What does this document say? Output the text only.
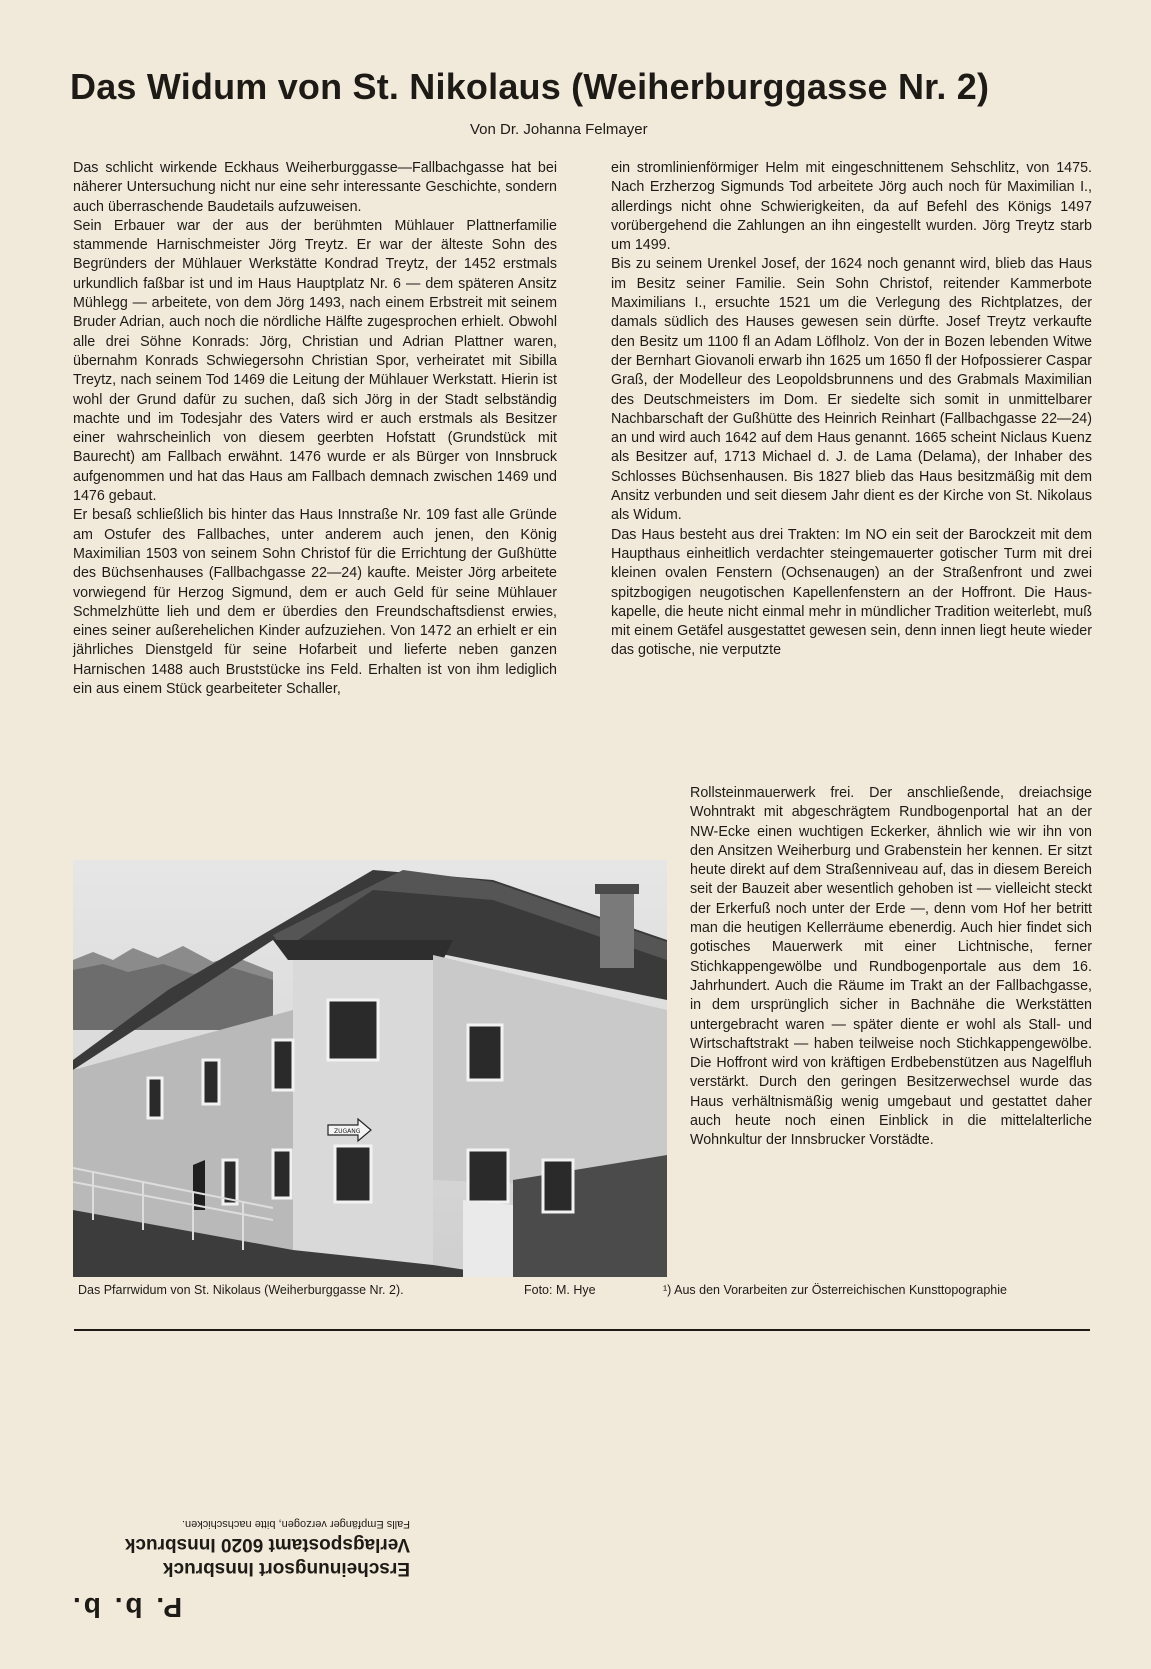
Das Widum von St. Nikolaus (Weiherburggasse Nr. 2)
Von Dr. Johanna Felmayer

Das schlicht wirkende Eckhaus Weiherburggasse—Fallbachgasse hat bei näherer Untersuchung nicht nur eine sehr interessante Geschichte, sondern auch überraschende Baudetails aufzuweisen.

Sein Erbauer war der aus der berühmten Mühlauer Plattnerfamilie stammende Harnischmeister Jörg Treytz. Er war der älteste Sohn des Begründers der Mühlauer Werkstätte Kondrad Treytz, der 1452 erstmals urkundlich faßbar ist und im Haus Hauptplatz Nr. 6 — dem späteren Ansitz Mühlegg — arbeitete, von dem Jörg 1493, nach einem Erbstreit mit seinem Bruder Adrian, auch noch die nördliche Hälfte zugesprochen erhielt. Obwohl alle drei Söhne Konrads: Jörg, Christian und Adrian Plattner waren, übernahm Konrads Schwiegersohn Christian Spor, verheiratet mit Sibilla Treytz, nach seinem Tod 1469 die Leitung der Mühlauer Werkstatt. Hierin ist wohl der Grund dafür zu suchen, daß sich Jörg in der Stadt selbständig machte und im Todesjahr des Vaters wird er auch erstmals als Besitzer einer wahrscheinlich von diesem geerbten Hofstatt (Grundstück mit Baurecht) am Fallbach erwähnt. 1476 wurde er als Bürger von Innsbruck aufgenommen und hat das Haus am Fallbach demnach zwischen 1469 und 1476 gebaut.

Er besaß schließlich bis hinter das Haus Innstraße Nr. 109 fast alle Gründe am Ostufer des Fallbaches, unter anderem auch jenen, den König Maximilian 1503 von seinem Sohn Christof für die Errichtung der Gußhütte des Büchsenhauses (Fallbachgasse 22—24) kaufte. Meister Jörg arbeitete vorwiegend für Herzog Sigmund, dem er auch Geld für seine Mühlauer Schmelzhütte lieh und dem er überdies den Freundschaftsdienst erwies, eines seiner außerehelichen Kinder aufzuziehen. Von 1472 an erhielt er ein jährliches Dienstgeld für seine Hofarbeit und lieferte neben ganzen Harnischen 1488 auch Bruststücke ins Feld. Erhalten ist von ihm lediglich ein aus einem Stück gearbeiteter Schaller,

ein stromlinienförmiger Helm mit eingeschnittenem Sehschlitz, von 1475. Nach Erzherzog Sigmunds Tod arbeitete Jörg auch noch für Maximilian I., allerdings nicht ohne Schwierigkeiten, da auf Befehl des Königs 1497 vorübergehend die Zahlungen an ihn eingestellt wurden. Jörg Treytz starb um 1499.

Bis zu seinem Urenkel Josef, der 1624 noch genannt wird, blieb das Haus im Besitz seiner Familie. Sein Sohn Christof, reitender Kammerbote Maximilians I., ersuchte 1521 um die Verlegung des Richtplatzes, der damals südlich des Hauses gewesen sein dürfte. Josef Treytz verkaufte den Besitz um 1100 fl an Adam Löflholz. Von der in Bozen lebenden Witwe der Bernhart Giovanoli erwarb ihn 1625 um 1650 fl der Hofpossierer Caspar Graß, der Modelleur des Leopoldsbrunnens und des Grabmals Maximilian des Deutschmeisters im Dom. Er siedelte sich somit in unmittelbarer Nachbarschaft der Gußhütte des Heinrich Reinhart (Fallbachgasse 22—24) an und wird auch 1642 auf dem Haus genannt. 1665 scheint Niclaus Kuenz als Besitzer auf, 1713 Michael d. J. de Lama (Delama), der Inhaber des Schlosses Büchsenhausen. Bis 1827 blieb das Haus besitzmäßig mit dem Ansitz verbunden und seit diesem Jahr dient es der Kirche von St. Nikolaus als Widum.

Das Haus besteht aus drei Trakten: Im NO ein seit der Barockzeit mit dem Haupthaus einheitlich verdachter steingemauerter gotischer Turm mit drei kleinen ovalen Fenstern (Ochsenaugen) an der Straßenfront und zwei spitzbogigen neugotischen Kapellenfenstern an der Hoffront. Die Hauskapelle, die heute nicht einmal mehr in mündlicher Tradition weiterlebt, muß mit einem Getäfel ausgestattet gewesen sein, denn innen liegt heute wieder das gotische, nie verputzte

Rollsteinmauerwerk frei. Der anschließende, dreiachsige Wohntrakt mit abgeschrägtem Rundbogenportal hat an der NW-Ecke einen wuchtigen Eckerker, ähnlich wie wir ihn von den Ansitzen Weiherburg und Grabenstein her kennen. Er sitzt heute direkt auf dem Straßenniveau auf, das in diesem Bereich seit der Bauzeit aber wesentlich gehoben ist — vielleicht steckt der Erkerfuß noch unter der Erde —, denn vom Hof her betritt man die heutigen Kellerräume ebenerdig. Auch hier findet sich gotisches Mauerwerk mit einer Lichtnische, ferner Stichkappengewölbe und Rundbogenportale aus dem 16. Jahrhundert. Auch die Räume im Trakt an der Fallbachgasse, in dem ursprünglich sicher in Bachnähe die Werkstätten untergebracht waren — später diente er wohl als Stall- und Wirtschaftstrakt — haben teilweise noch Stichkappengewölbe. Die Hoffront wird von kräftigen Erdbebenstützen aus Nagelfluh verstärkt. Durch den geringen Besitzerwechsel wurde das Haus verhältnismäßig wenig umgebaut und gestattet daher auch heute noch einen Einblick in die mittelalterliche Wohnkultur der Innsbrucker Vorstädte.

ZUGANG
Das Pfarrwidum von St. Nikolaus (Weiherburggasse Nr. 2).	Foto: M. Hye	¹) Aus den Vorarbeiten zur Österreichischen Kunsttopographie
Erscheinungsort Innsbruck
Verlagspostamt 6020 Innsbruck
Falls Empfänger verzogen, bitte nachschicken.
P. b. b.
